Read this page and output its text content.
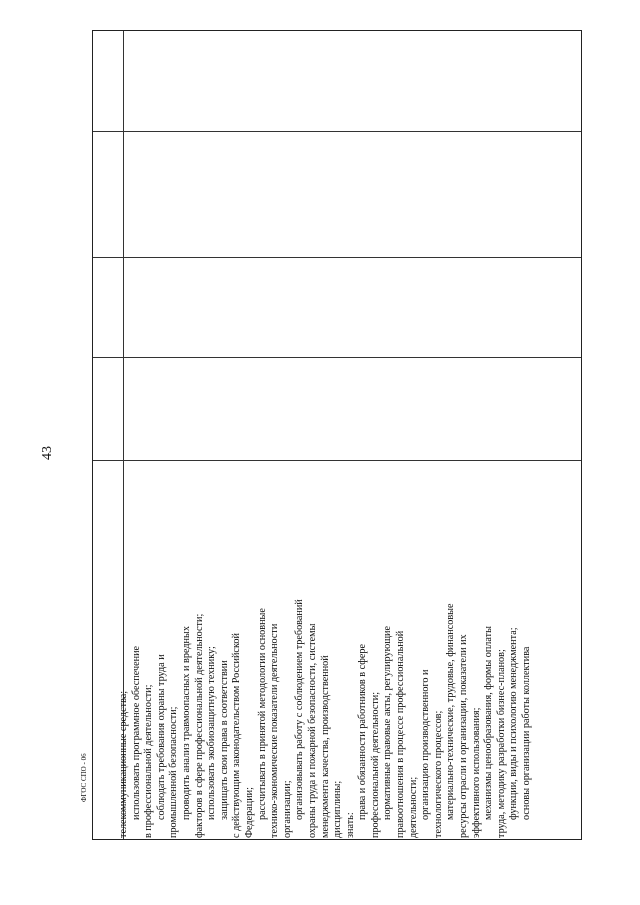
43
телекоммуникационные средства; использовать программное обеспечение в профессиональной деятельности; соблюдать требования охраны труда и промышленной безопасности; проводить анализ травмоопасных и вредных факторов в сфере профессиональной деятельности; использовать экобиозащитную технику; защищать свои права в соответствии с действующим законодательством Российской Федерации; рассчитывать в принятой методологии основные технико-экономические показатели деятельности организации; организовывать работу с соблюдением требований охраны труда и пожарной безопасности, системы менеджмента качества, производственной дисциплины; знать:
права и обязанности работников в сфере профессиональной деятельности; нормативные правовые акты, регулирующие правоотношения в процессе профессиональной деятельности; организацию производственного и технологического процессов; материально-технические, трудовые, финансовые ресурсы отрасли и организации, показатели их эффективного использования; механизмы ценообразования, формы оплаты труда, методику разработки бизнес-планов; функции, виды и психологию менеджмента; основы организации работы коллектива
ФГОС СПО - 06
